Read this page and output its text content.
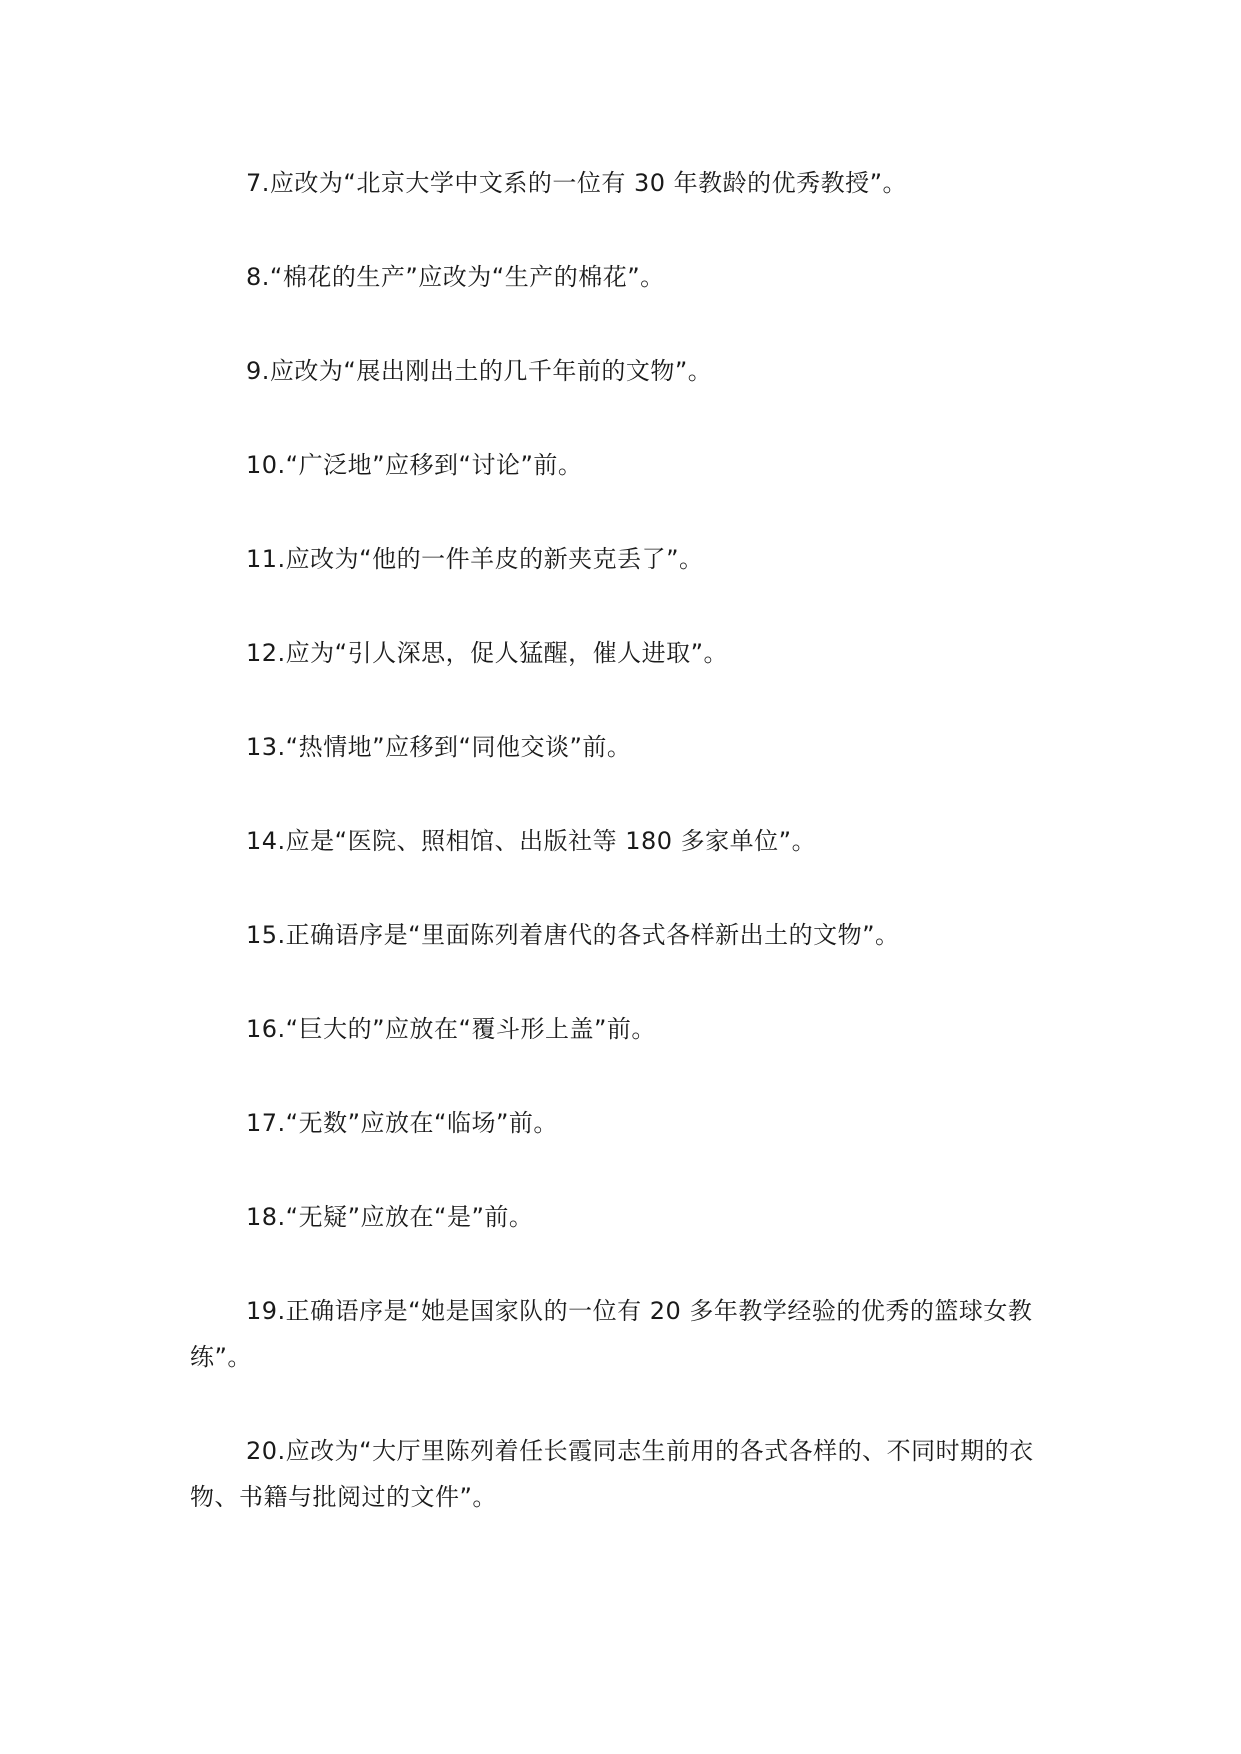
7.应改为“北京大学中文系的一位有 30 年教龄的优秀教授”。
8.“棉花的生产”应改为“生产的棉花”。
9.应改为“展出刚出土的几千年前的文物”。
10.“广泛地”应移到“讨论”前。
11.应改为“他的一件羊皮的新夹克丢了”。
12.应为“引人深思，促人猛醒，催人进取”。
13.“热情地”应移到“同他交谈”前。
14.应是“医院、照相馆、出版社等 180 多家单位”。
15.正确语序是“里面陈列着唐代的各式各样新出土的文物”。
16.“巨大的”应放在“覆斗形上盖”前。
17.“无数”应放在“临场”前。
18.“无疑”应放在“是”前。
19.正确语序是“她是国家队的一位有 20 多年教学经验的优秀的篮球女教练”。
20.应改为“大厅里陈列着任长霞同志生前用的各式各样的、不同时期的衣物、书籍与批阅过的文件”。
